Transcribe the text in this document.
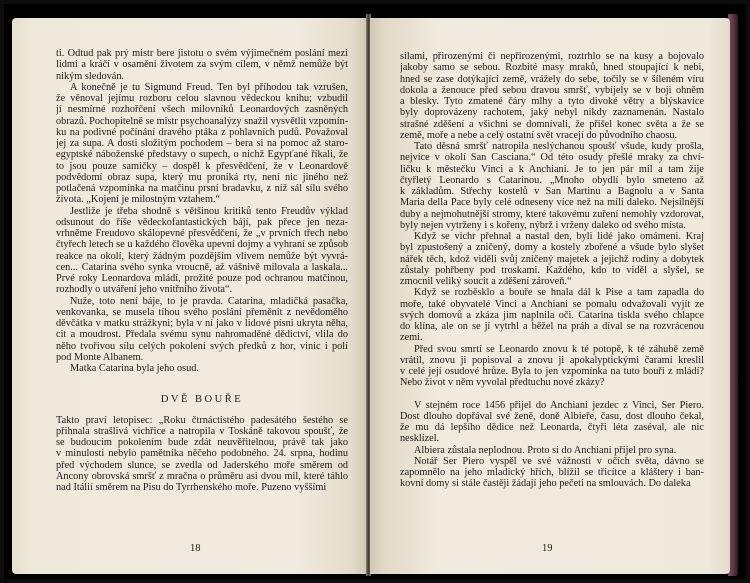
ti. Odtud pak prý mistr bere jistotu o svém výjimečném poslání mezi
lidmi a kráčí v osamění životem za svým cílem, v němž nemůže být
nikým sledován.

A konečně je tu Sigmund Freud. Ten byl příhodou tak vzrušen,
že věnoval jejímu rozboru celou slavnou vědeckou knihu; vzbudil
jí nesmírné rozhořčení všech milovníků Leonardových zasněných
obrazů. Pochopitelně se mistr psychoanalýzy snažil vysvětlit vzpomín-
ku na podivné počínání dravého ptáka z pohlavních pudů. Považoval
jej za supa. A dosti složitým pochodem – bera si na pomoc až staro-
egyptské náboženské představy o supech, o nichž Egypťané říkali, že
to jsou pouze samičky – dospěl k přesvědčení, že v Leonardově
podvědomí obraz supa, který mu proniká rty, není nic jiného než
potlačená vzpomínka na matčinu prsní bradavku, z níž sál sílu svého
života. „Kojení je milostným vztahem.“

Jestliže je třeba shodně s většinou kritiků tento Freudův výklad
odsunout do říše vědeckofantastických bájí, pak přece jen neza-
vrhněme Freudovo skálopevné přesvědčení, že „v prvních třech nebo
čtyřech letech se u každého člověka upevní dojmy a vyhraní se způsob
reakce na okolí, který žádným pozdějším vlivem nemůže být vyvrá-
cen... Catarina svého synka vroucně, až vášnivě milovala a laskala...
Prvé roky Leonardova mládí, prožité pouze pod ochranou matčinou,
rozhodly o utváření jeho vnitřního života“.

Nuže, toto není báje, to je pravda. Catarina, mladičká pasačka,
venkovanka, se musela tíhou svého poslání přeměnit z nevědoměho
děvčátka v matku strážkyni; byla v ní jako v lidové písni ukryta něha,
cit a moudrost. Předala svému synu nahromaděné dědictví, vlila do
něho tvořivou sílu celých pokolení svých předků z hor, vinic i polí
pod Monte Albanem.

Matka Catarina byla jeho osud.

DVĚ BOUŘE

Takto praví letopisec: „Roku čtrnáctistého padesátého šestého se
přihnala strašlivá vichřice a natropila v Toskáně takovou spoušť, že
se budoucím pokolením bude zdát neuvěřitelnou, právě tak jako
v minulosti nebylo pamětníka něčeho podobného. 24. srpna, hodinu
před východem slunce, se zvedla od Jaderského moře směrem od
Ancony obrovská smršť z mračna o průměru asi dvou mil, které táhlo
nad Itálií směrem na Pisu do Tyrrhenského moře. Puzeno vyššími

18

silami, přirozenými či nepřirozenými, roztrhlo se na kusy a bojovalo
jakoby samo se sebou. Rozbité masy mraků, hned stoupající k nebi,
hned se zase dotýkající země, vrážely do sebe, točily se v šíleném víru
dokola a ženouce před sebou dravou smršť, vybíjely se v boji ohněm
a blesky. Tyto zmatené čáry mlhy a tyto divoké větry a blýskavice
byly doprovázeny rachotem, jaký nebyl nikdy zaznamenán. Nastalo
strašné zděšení a všichni se domnívali, že přišel konec světa a že se
země, moře a nebe a celý ostatní svět vracejí do původního chaosu.

Tato děsná smršť natropila neslýchanou spoušť všude, kudy prošla,
nejvíce v okolí San Casciana.“ Od této osudy přešlé mraky za chví-
ličku k městečku Vinci a k Anchiani. Je to jen pár mil a tam žije
čtyřletý Leonardo s Catarinou. „Mnoho obydlí bylo smeteno až
k základům. Střechy kostelů v San Martinu a Bagnolu a v Santa
Maria della Pace byly celé odneseny více než na míli daleko. Nejsilnější
duby a nejmohutnější stromy, které takovému zuření nemohly vzdorovat,
byly nejen vytrženy i s kořeny, nýbrž i vrženy daleko od svého místa.

Když se vichr přehnal a nastal den, byli lidé jako omámeni. Kraj
byl zpustošený a zničený, domy a kostely zbořené a všude bylo slyšet
nářek těch, kdož viděli svůj zničený majetek a jejichž rodiny a dobytek
zůstaly pohřbeny pod troskami. Každého, kdo to viděl a slyšel, se
zmocnil veliký soucit a zděšení zároveň.“

Když se rozběsklo a bouře se hnala dál k Pise a tam zapadla do
moře, také obyvatelé Vinci a Anchiani se pomalu odvažovali vyjít ze
svých domovů a zkáza jim naplnila oči. Catarina tiskla svého chlapce
do klína, ale on se jí vytrhl a běžel na práh a díval se na rozvrácenou
zemi.

Před svou smrtí se Leonardo znovu k té potopě, k té záhubě země
vrátil, znovu ji popisoval a znovu ji apokalyptickými čarami kreslil
v celé její osudové hrůze. Byla to jen vzpomínka na tuto bouři z mládí?
Nebo život v něm vyvolal předtuchu nové zkázy?

V stejném roce 1456 přijel do Anchiani jezdec z Vinci, Ser Piero.
Dost dlouho dopřával své ženě, doně Albieře, času, dost dlouho čekal,
že mu dá lepšího dědice než Leonarda, čtyři léta zaséval, ale nic
nesklízel.

Albiera zůstala neplodnou. Proto si do Anchiani přijel pro syna.

Notář Ser Piero vyspěl ve své vážnosti v očích světa, dávno se
zapomnělo na jeho mladický hřích, blížil se třicítce a kláštery i ban-
kovní domy si stále častěji žádají jeho pečeti na smlouvách. Do daleka

19
